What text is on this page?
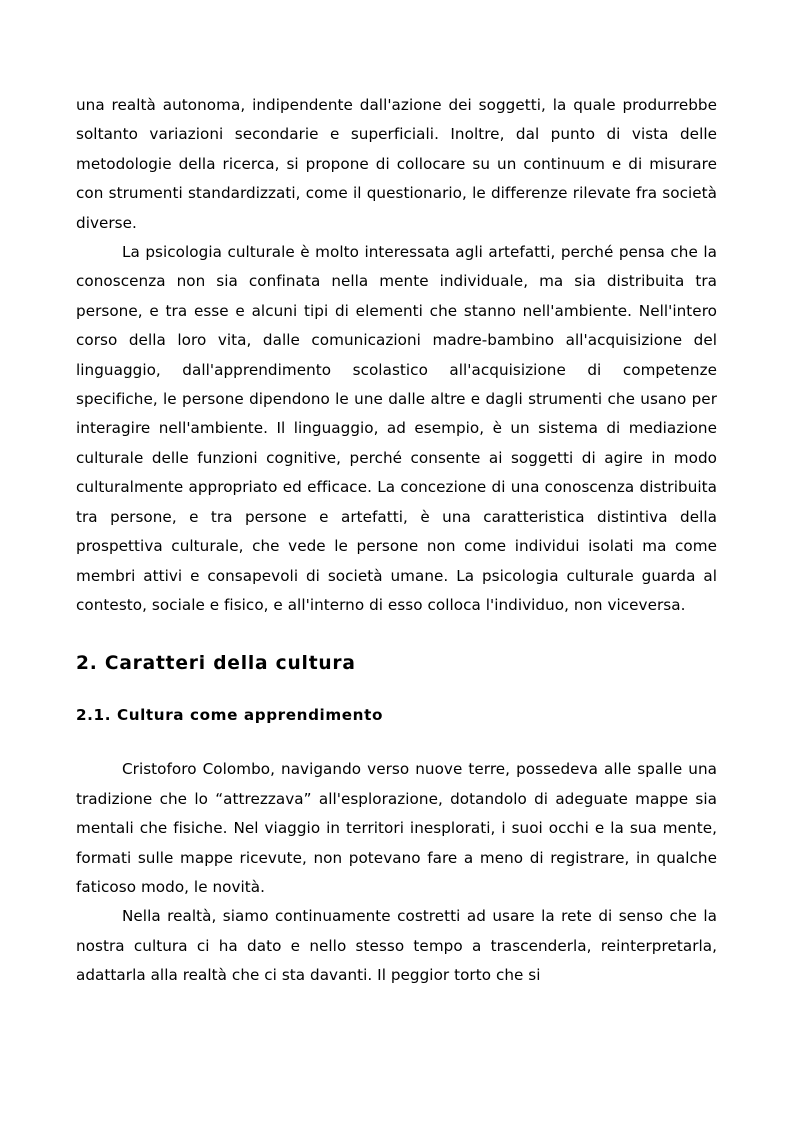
una realtà autonoma, indipendente dall'azione dei soggetti, la quale produrrebbe soltanto variazioni secondarie e superficiali. Inoltre, dal punto di vista delle metodologie della ricerca, si propone di collocare su un continuum e di misurare con strumenti standardizzati, come il questionario, le differenze rilevate fra società diverse.

La psicologia culturale è molto interessata agli artefatti, perché pensa che la conoscenza non sia confinata nella mente individuale, ma sia distribuita tra persone, e tra esse e alcuni tipi di elementi che stanno nell'ambiente. Nell'intero corso della loro vita, dalle comunicazioni madre-bambino all'acquisizione del linguaggio, dall'apprendimento scolastico all'acquisizione di competenze specifiche, le persone dipendono le une dalle altre e dagli strumenti che usano per interagire nell'ambiente. Il linguaggio, ad esempio, è un sistema di mediazione culturale delle funzioni cognitive, perché consente ai soggetti di agire in modo culturalmente appropriato ed efficace. La concezione di una conoscenza distribuita tra persone, e tra persone e artefatti, è una caratteristica distintiva della prospettiva culturale, che vede le persone non come individui isolati ma come membri attivi e consapevoli di società umane. La psicologia culturale guarda al contesto, sociale e fisico, e all'interno di esso colloca l'individuo, non viceversa.

2. Caratteri della cultura
2.1. Cultura come apprendimento

Cristoforo Colombo, navigando verso nuove terre, possedeva alle spalle una tradizione che lo “attrezzava” all'esplorazione, dotandolo di adeguate mappe sia mentali che fisiche. Nel viaggio in territori inesplorati, i suoi occhi e la sua mente, formati sulle mappe ricevute, non potevano fare a meno di registrare, in qualche faticoso modo, le novità.

Nella realtà, siamo continuamente costretti ad usare la rete di senso che la nostra cultura ci ha dato e nello stesso tempo a trascenderla, reinterpretarla, adattarla alla realtà che ci sta davanti. Il peggior torto che si
